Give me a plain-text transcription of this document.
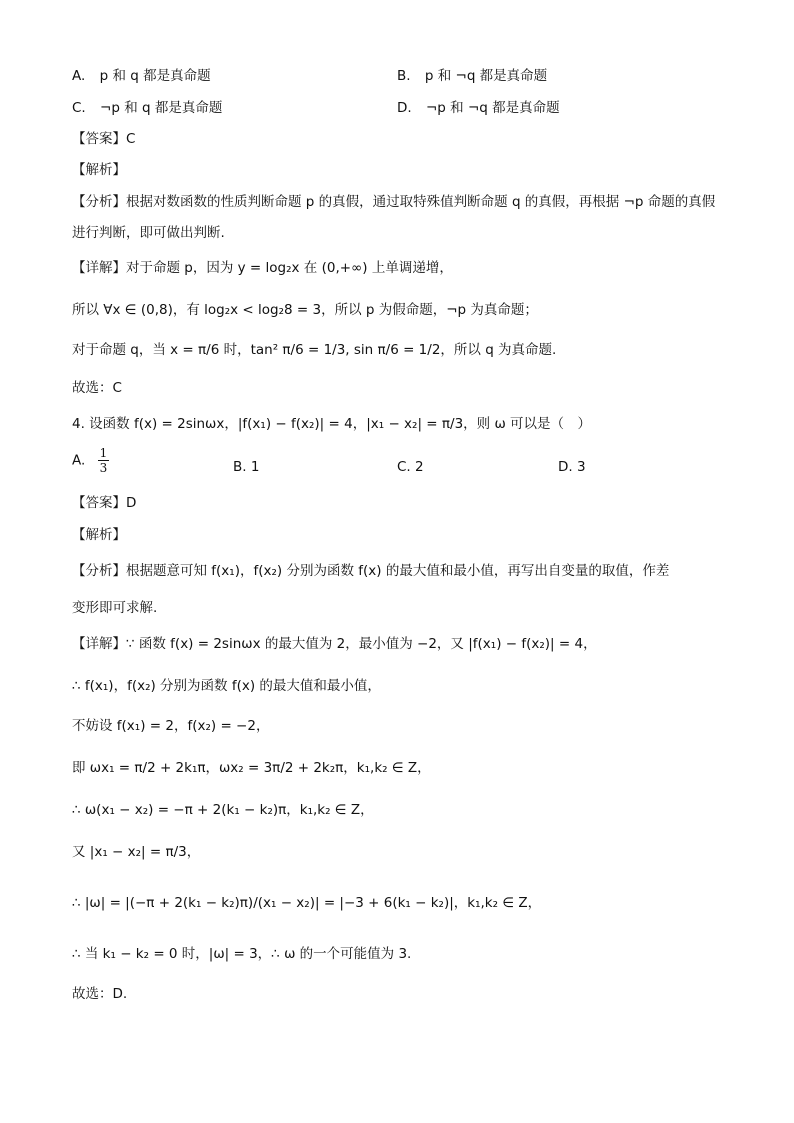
A. p 和 q 都是真命题	B. p 和 ¬q 都是真命题
C. ¬p 和 q 都是真命题	D. ¬p 和 ¬q 都是真命题
【答案】C
【解析】
【分析】根据对数函数的性质判断命题 p 的真假，通过取特殊值判断命题 q 的真假，再根据 ¬p 命题的真假
进行判断，即可做出判断.
【详解】对于命题 p，因为 y = log₂x 在 (0,+∞) 上单调递增，
所以 ∀x ∈ (0,8)，有 log₂x < log₂8 = 3，所以 p 为假命题，¬p 为真命题；
对于命题 q，当 x = π/6 时，tan² π/6 = 1/3, sin π/6 = 1/2，所以 q 为真命题.
故选：C
4. 设函数 f(x) = 2sinωx，|f(x₁) − f(x₂)| = 4，|x₁ − x₂| = π/3，则 ω 可以是（　）
A. $\frac{1}{3}$	B. 1	C. 2	D. 3
【答案】D
【解析】
【分析】根据题意可知 f(x₁)，f(x₂) 分别为函数 f(x) 的最大值和最小值，再写出自变量的取值，作差
变形即可求解.
【详解】∵ 函数 f(x) = 2sinωx 的最大值为 2，最小值为 −2，又 |f(x₁) − f(x₂)| = 4，
∴ f(x₁)，f(x₂) 分别为函数 f(x) 的最大值和最小值，
不妨设 f(x₁) = 2，f(x₂) = −2，
即 ωx₁ = π/2 + 2k₁π，ωx₂ = 3π/2 + 2k₂π，k₁,k₂ ∈ Z，
∴ ω(x₁ − x₂) = −π + 2(k₁ − k₂)π，k₁,k₂ ∈ Z，
又 |x₁ − x₂| = π/3，
∴ |ω| = |(−π + 2(k₁ − k₂)π)/(x₁ − x₂)| = |−3 + 6(k₁ − k₂)|，k₁,k₂ ∈ Z，
∴ 当 k₁ − k₂ = 0 时，|ω| = 3，∴ ω 的一个可能值为 3.
故选：D.
